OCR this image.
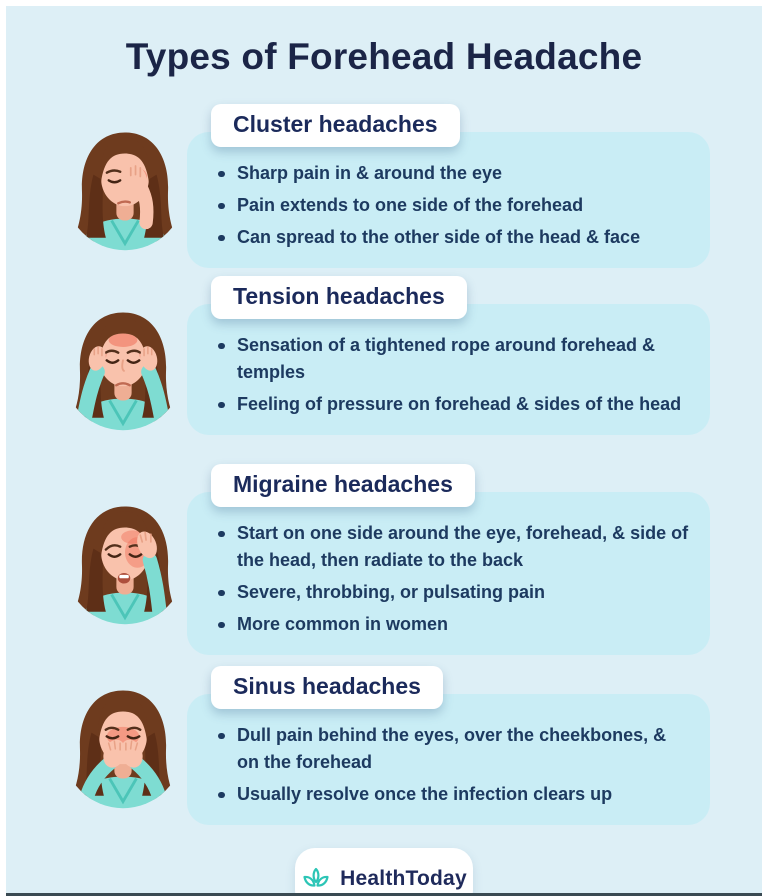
Types of Forehead Headache
Cluster headaches
Sharp pain in & around the eye
Pain extends to one side of the forehead
Can spread to the other side of the head & face
Tension headaches
Sensation of a tightened rope around forehead & temples
Feeling of pressure on forehead & sides of the head
Migraine headaches
Start on one side around the eye, forehead, & side of the head, then radiate to the back
Severe, throbbing, or pulsating pain
More common in women
Sinus headaches
Dull pain behind the eyes, over the cheekbones, & on the forehead
Usually resolve once the infection clears up
HealthToday
